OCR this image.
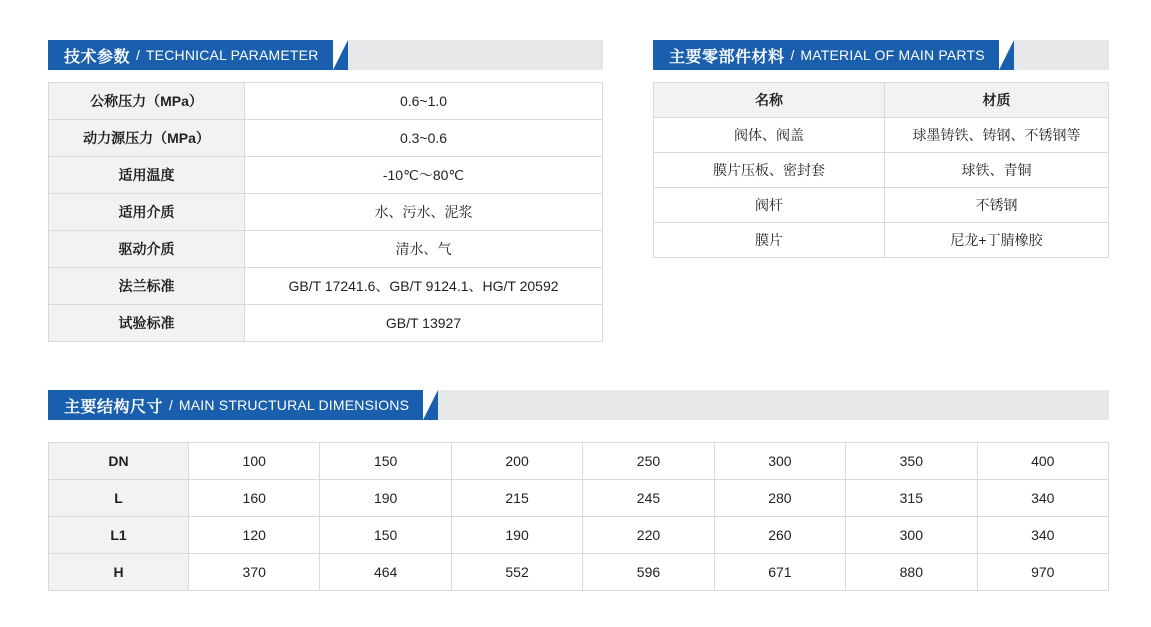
技术参数 / TECHNICAL PARAMETER
公称压力（MPa）	0.6~1.0
动力源压力（MPa）	0.3~0.6
适用温度	-10℃～80℃
适用介质	水、污水、泥浆
驱动介质	清水、气
法兰标准	GB/T 17241.6、GB/T 9124.1、HG/T 20592
试验标准	GB/T 13927
主要零部件材料 / MATERIAL OF MAIN PARTS
名称	材质
阀体、阀盖	球墨铸铁、铸钢、不锈钢等
膜片压板、密封套	球铁、青铜
阀杆	不锈钢
膜片	尼龙+丁腈橡胶
主要结构尺寸 / MAIN STRUCTURAL DIMENSIONS
DN	100	150	200	250	300	350	400
L	160	190	215	245	280	315	340
L1	120	150	190	220	260	300	340
H	370	464	552	596	671	880	970
